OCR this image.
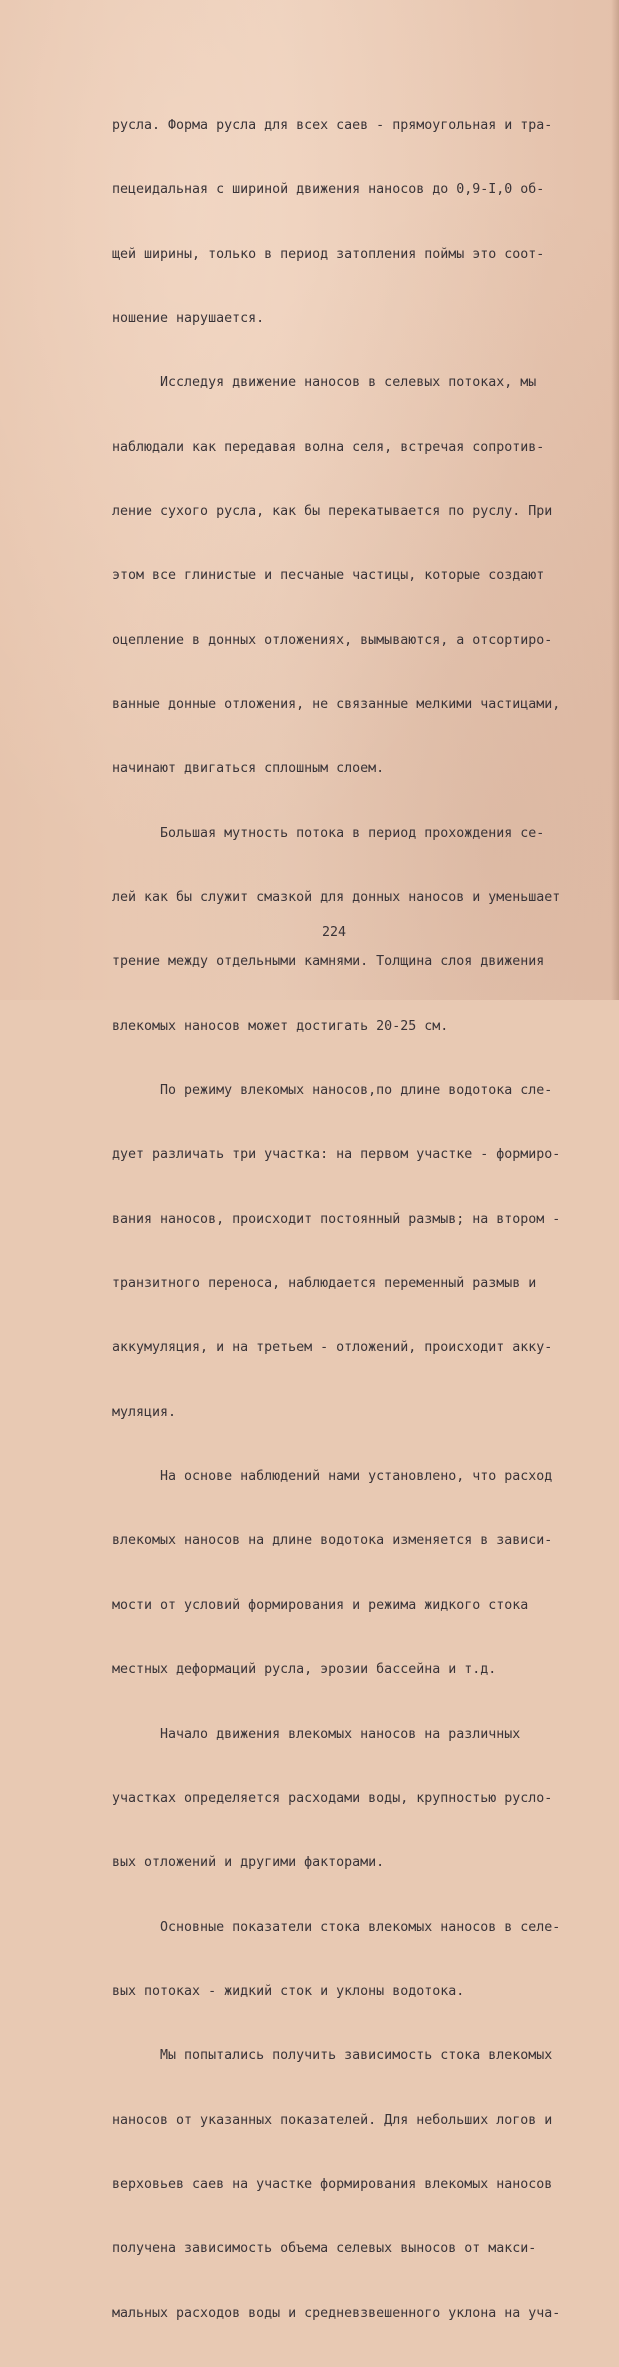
русла. Форма русла для всех саев - прямоугольная и тра-

пецеидальная с шириной движения наносов до 0,9-I,0 об-

щей ширины, только в период затопления поймы это соот-

ношение нарушается.

Исследуя движение наносов в селевых потоках, мы

наблюдали как передавая волна селя, встречая сопротив-

ление сухого русла, как бы перекатывается по руслу. При

этом все глинистые и песчаные частицы, которые создают

оцепление в донных отложениях, вымываются, а отсортиро-

ванные донные отложения, не связанные мелкими частицами,

начинают двигаться сплошным слоем.

Большая мутность потока в период прохождения се-

лей как бы служит смазкой для донных наносов и уменьшает

трение между отдельными камнями. Толщина слоя движения

влекомых наносов может достигать 20-25 см.

По режиму влекомых наносов,по длине водотока сле-

дует различать три участка: на первом участке - формиро-

вания наносов, происходит постоянный размыв; на втором -

транзитного переноса, наблюдается переменный размыв и

аккумуляция, и на третьем - отложений, происходит акку-

муляция.

На основе наблюдений нами установлено, что расход

влекомых наносов на длине водотока изменяется в зависи-

мости от условий формирования и режима жидкого стока

местных деформаций русла, эрозии бассейна и т.д.

Начало движения влекомых наносов на различных

участках определяется расходами воды, крупностью русло-

вых отложений и другими факторами.

Основные показатели стока влекомых наносов в селе-

вых потоках - жидкий сток и уклоны водотока.

Мы попытались получить зависимость стока влекомых

наносов от указанных показателей. Для небольших логов и

верховьев саев на участке формирования влекомых наносов

получена зависимость объема селевых выносов от макси-

мальных расходов воды и средневзвешенного уклона на уча-

224
